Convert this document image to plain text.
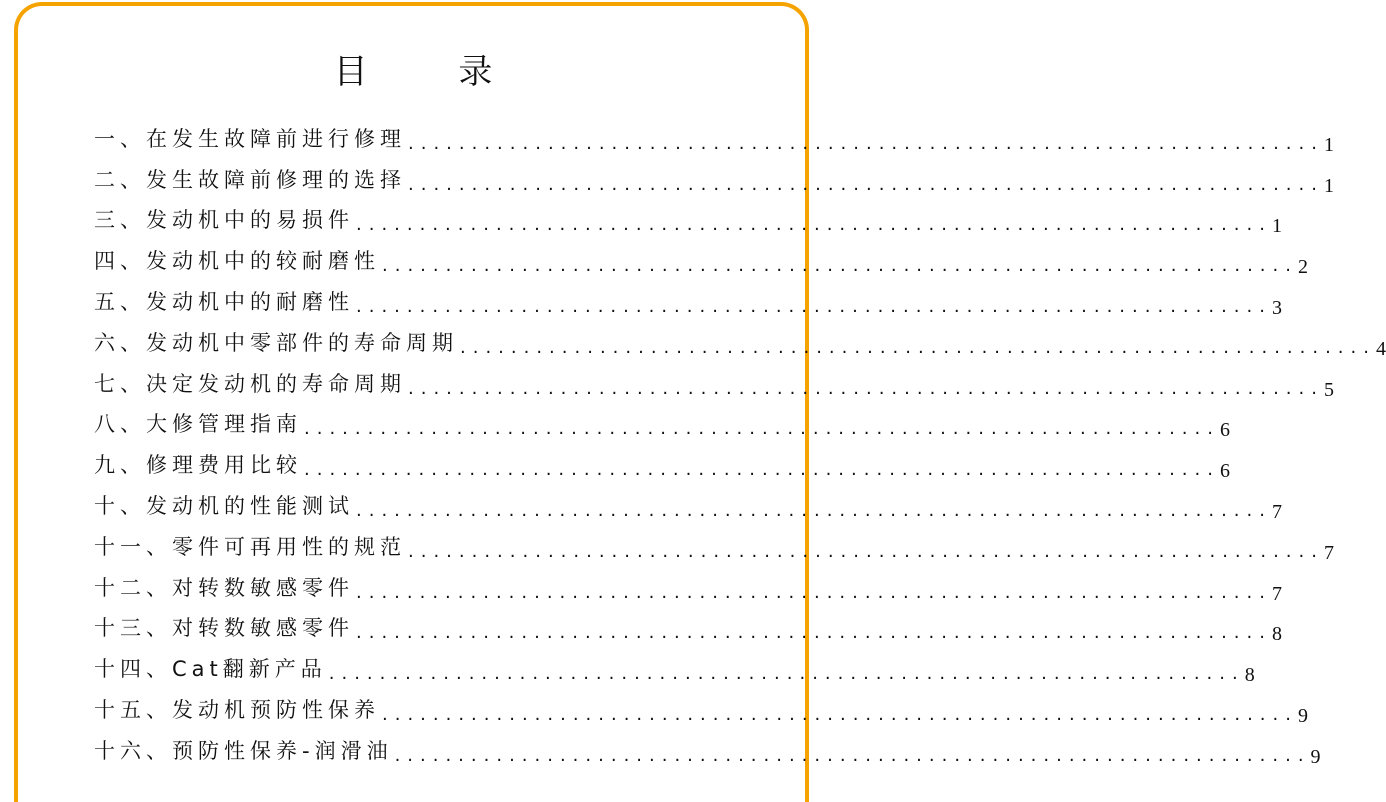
目 录
一、在发生故障前进行修理 ........................................................................ 1
二、发生故障前修理的选择 ........................................................................ 1
三、发动机中的易损件 ........................................................................ 1
四、发动机中的较耐磨性 ........................................................................ 2
五、发动机中的耐磨性 ........................................................................ 3
六、发动机中零部件的寿命周期 ........................................................................ 4
七、决定发动机的寿命周期 ........................................................................ 5
八、大修管理指南 ........................................................................ 6
九、修理费用比较 ........................................................................ 6
十、发动机的性能测试 ........................................................................ 7
十一、零件可再用性的规范 ........................................................................ 7
十二、对转数敏感零件 ........................................................................ 7
十三、对转数敏感零件 ........................................................................ 8
十四、Cat翻新产品 ........................................................................ 8
十五、发动机预防性保养 ........................................................................ 9
十六、预防性保养-润滑油 ........................................................................ 9
